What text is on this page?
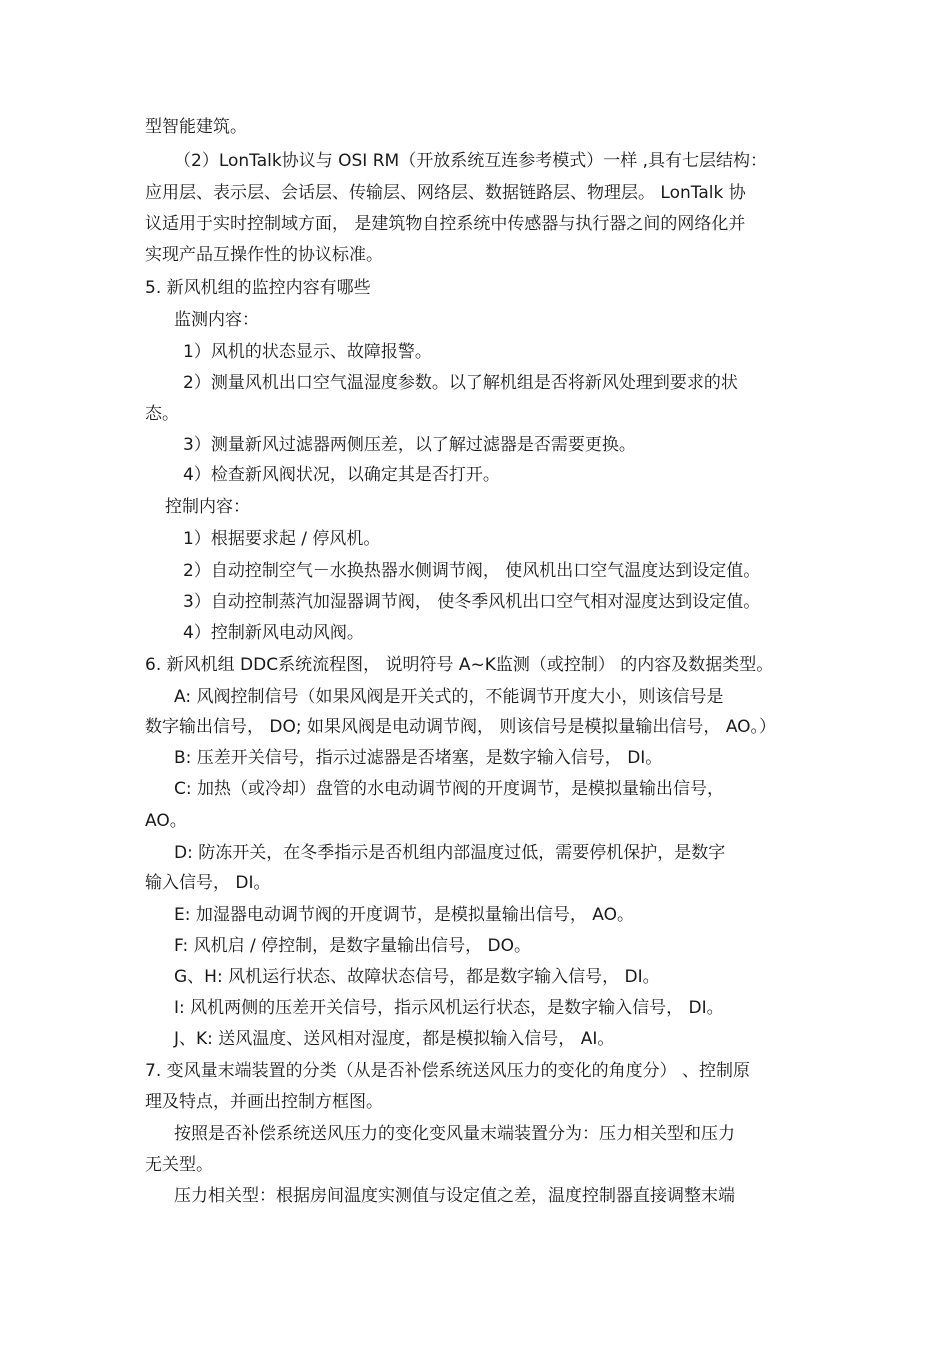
型智能建筑。
（2）LonTalk协议与 OSI RM（开放系统互连参考模式）一样 ,具有七层结构：
应用层、表示层、会话层、传输层、网络层、数据链路层、物理层。 LonTalk 协
议适用于实时控制域方面， 是建筑物自控系统中传感器与执行器之间的网络化并
实现产品互操作性的协议标准。
5. 新风机组的监控内容有哪些
监测内容：
1）风机的状态显示、故障报警。
2）测量风机出口空气温湿度参数。以了解机组是否将新风处理到要求的状
态。
3）测量新风过滤器两侧压差，以了解过滤器是否需要更换。
4）检查新风阀状况，以确定其是否打开。
控制内容：
1）根据要求起 / 停风机。
2）自动控制空气－水换热器水侧调节阀， 使风机出口空气温度达到设定值。
3）自动控制蒸汽加湿器调节阀， 使冬季风机出口空气相对湿度达到设定值。
4）控制新风电动风阀。
6. 新风机组 DDC系统流程图， 说明符号 A~K监测（或控制） 的内容及数据类型。
A: 风阀控制信号（如果风阀是开关式的，不能调节开度大小，则该信号是
数字输出信号， DO; 如果风阀是电动调节阀， 则该信号是模拟量输出信号， AO。）
B: 压差开关信号，指示过滤器是否堵塞，是数字输入信号， DI。
C: 加热（或冷却）盘管的水电动调节阀的开度调节，是模拟量输出信号，
AO。
D: 防冻开关，在冬季指示是否机组内部温度过低，需要停机保护，是数字
输入信号， DI。
E: 加湿器电动调节阀的开度调节，是模拟量输出信号， AO。
F: 风机启 / 停控制，是数字量输出信号， DO。
G、H: 风机运行状态、故障状态信号，都是数字输入信号， DI。
I: 风机两侧的压差开关信号，指示风机运行状态，是数字输入信号， DI。
J、K: 送风温度、送风相对湿度，都是模拟输入信号， AI。
7. 变风量末端装置的分类（从是否补偿系统送风压力的变化的角度分） 、控制原
理及特点，并画出控制方框图。
按照是否补偿系统送风压力的变化变风量末端装置分为：压力相关型和压力
无关型。
压力相关型：根据房间温度实测值与设定值之差，温度控制器直接调整末端
